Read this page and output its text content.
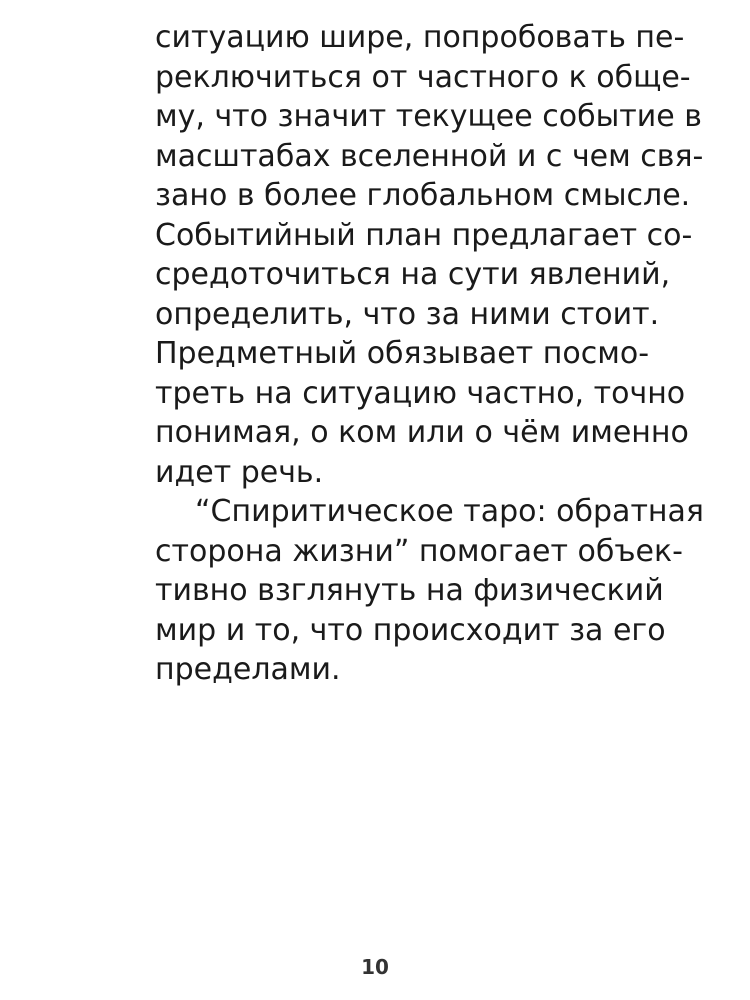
ситуацию шире, попробовать пе-
реключиться от частного к обще-
му, что значит текущее событие в
масштабах вселенной и с чем свя-
зано в более глобальном смысле.
Событийный план предлагает со-
средоточиться на сути явлений,
определить, что за ними стоит.
Предметный обязывает посмо-
треть на ситуацию частно, точно
понимая, о ком или о чём именно
идет речь.
“Спиритическое таро: обратная
сторона жизни” помогает объек-
тивно взглянуть на физический
мир и то, что происходит за его
пределами.
10
